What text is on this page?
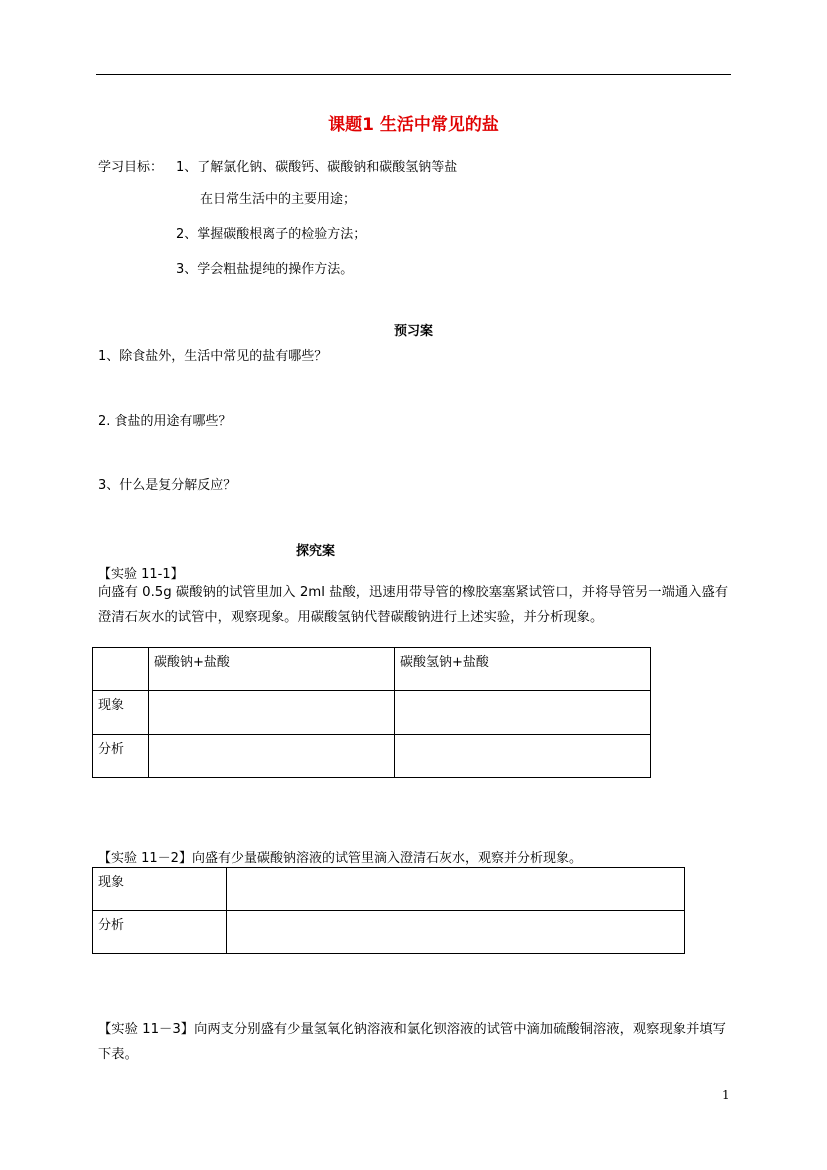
课题1 生活中常见的盐
学习目标： 1、了解氯化钠、碳酸钙、碳酸钠和碳酸氢钠等盐
在日常生活中的主要用途；
2、掌握碳酸根离子的检验方法；
3、学会粗盐提纯的操作方法。
预习案
1、除食盐外，生活中常见的盐有哪些？
2. 食盐的用途有哪些？
3、什么是复分解反应？
探究案
【实验 11-1】
向盛有 0.5g 碳酸钠的试管里加入 2ml 盐酸，迅速用带导管的橡胶塞塞紧试管口，并将导管另一端通入盛有澄清石灰水的试管中，观察现象。用碳酸氢钠代替碳酸钠进行上述实验，并分析现象。
	碳酸钠+盐酸	碳酸氢钠+盐酸
现象		
分析		
【实验 11－2】向盛有少量碳酸钠溶液的试管里滴入澄清石灰水，观察并分析现象。
现象	
分析	
【实验 11－3】向两支分别盛有少量氢氧化钠溶液和氯化钡溶液的试管中滴加硫酸铜溶液，观察现象并填写下表。
1
